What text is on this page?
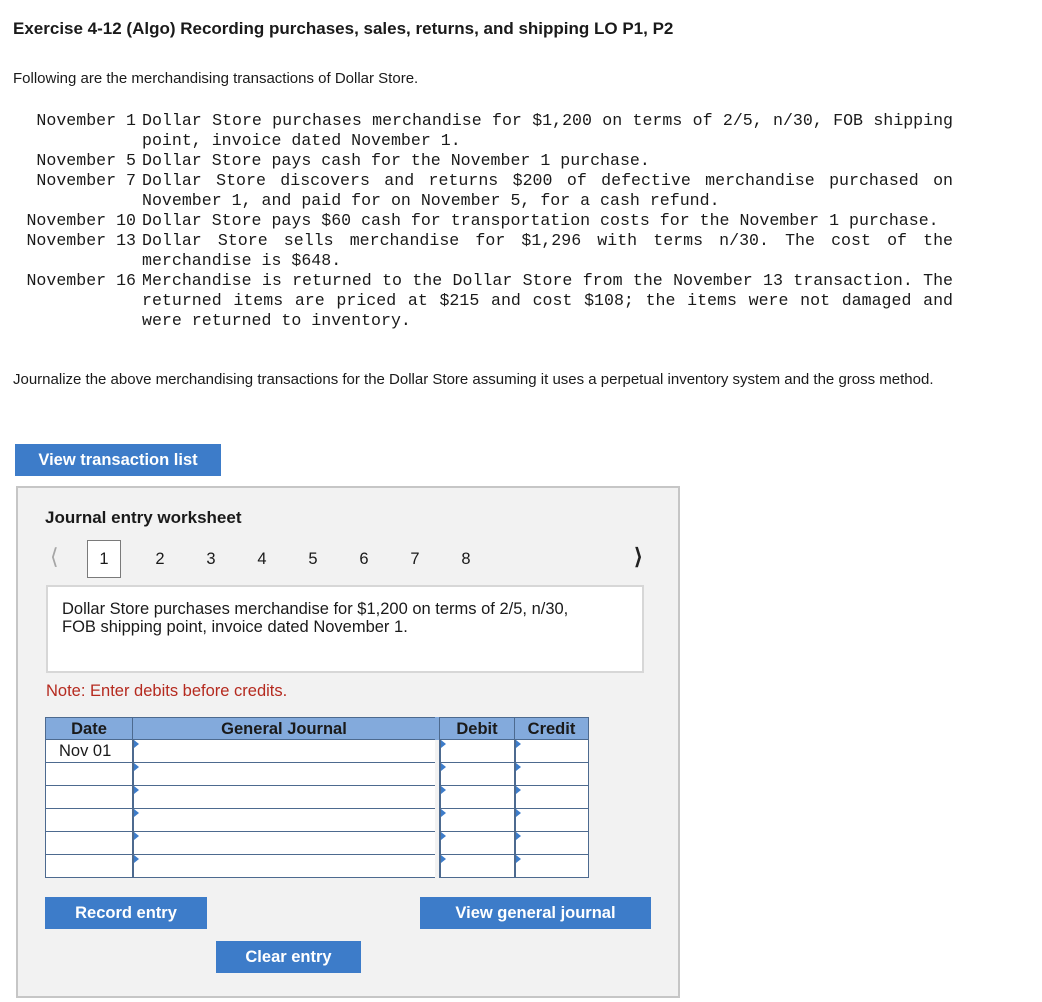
Exercise 4-12 (Algo) Recording purchases, sales, returns, and shipping LO P1, P2
Following are the merchandising transactions of Dollar Store.
November 1 Dollar Store purchases merchandise for $1,200 on terms of 2/5, n/30, FOB shipping point, invoice dated November 1.
November 5 Dollar Store pays cash for the November 1 purchase.
November 7 Dollar Store discovers and returns $200 of defective merchandise purchased on November 1, and paid for on November 5, for a cash refund.
November 10 Dollar Store pays $60 cash for transportation costs for the November 1 purchase.
November 13 Dollar Store sells merchandise for $1,296 with terms n/30. The cost of the merchandise is $648.
November 16 Merchandise is returned to the Dollar Store from the November 13 transaction. The returned items are priced at $215 and cost $108; the items were not damaged and were returned to inventory.
Journalize the above merchandising transactions for the Dollar Store assuming it uses a perpetual inventory system and the gross method.
View transaction list
Journal entry worksheet
⟨	1	2	3	4	5	6	7	8	⟩
Dollar Store purchases merchandise for $1,200 on terms of 2/5, n/30, FOB shipping point, invoice dated November 1.
Note: Enter debits before credits.
Date	General Journal	Debit	Credit
Nov 01
Record entry	View general journal
Clear entry
